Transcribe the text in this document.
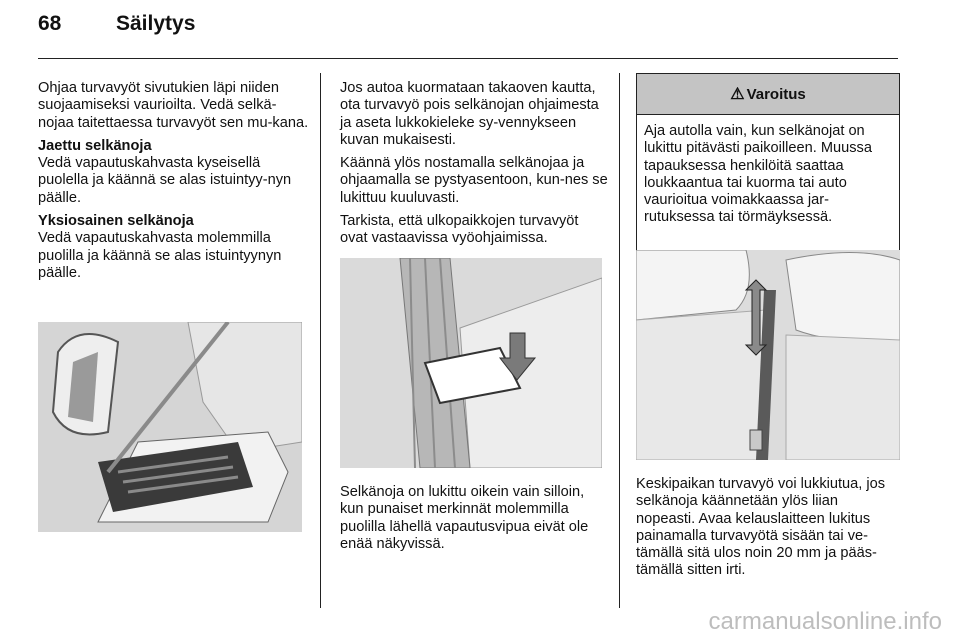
68	Säilytys

Ohjaa turvavyöt sivutukien läpi niiden suojaamiseksi vaurioilta. Vedä selkä-nojaa taitettaessa turvavyöt sen mu-kana.

Jaettu selkänoja

Vedä vapautuskahvasta kyseisellä puolella ja käännä se alas istuintyy-nyn päälle.

Yksiosainen selkänoja

Vedä vapautuskahvasta molemmilla puolilla ja käännä se alas istuintyynyn päälle.

Jos autoa kuormataan takaoven kautta, ota turvavyö pois selkänojan ohjaimesta ja aseta lukkokieleke sy-vennykseen kuvan mukaisesti.

Käännä ylös nostamalla selkänojaa ja ohjaamalla se pystyasentoon, kun-nes se lukittuu kuuluvasti.

Tarkista, että ulkopaikkojen turvavyöt ovat vastaavissa vyöohjaimissa.

Selkänoja on lukittu oikein vain silloin, kun punaiset merkinnät molemmilla puolilla lähellä vapautusvipua eivät ole enää näkyvissä.

⚠ Varoitus
Aja autolla vain, kun selkänojat on lukittu pitävästi paikoilleen. Muussa tapauksessa henkilöitä saattaa loukkaantua tai kuorma tai auto vaurioitua voimakkaassa jar-rutuksessa tai törmäyksessä.

Keskipaikan turvavyö voi lukkiutua, jos selkänoja käännetään ylös liian nopeasti. Avaa kelauslaitteen lukitus painamalla turvavyötä sisään tai ve-tämällä sitä ulos noin 20 mm ja pääs-tämällä sitten irti.

carmanualsonline.info
